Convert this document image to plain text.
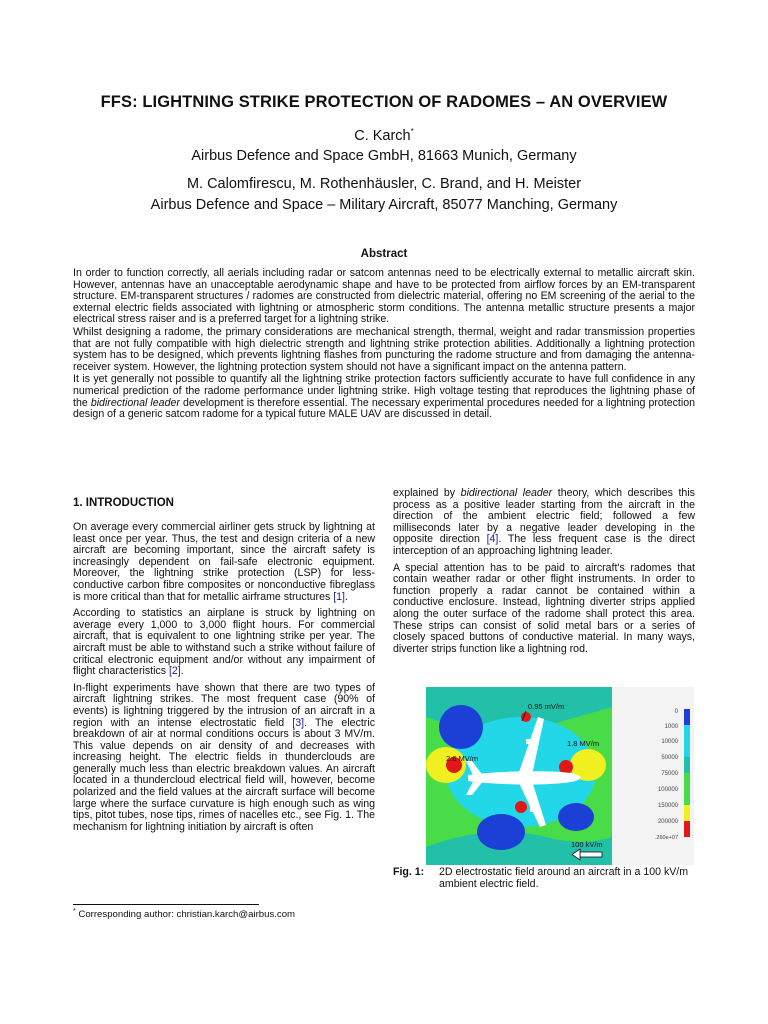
FFS: LIGHTNING STRIKE PROTECTION OF RADOMES – AN OVERVIEW
C. Karch*
Airbus Defence and Space GmbH, 81663 Munich, Germany
M. Calomfirescu, M. Rothenhäusler, C. Brand, and H. Meister
Airbus Defence and Space – Military Aircraft, 85077 Manching, Germany
Abstract

In order to function correctly, all aerials including radar or satcom antennas need to be electrically external to metallic aircraft skin. However, antennas have an unacceptable aerodynamic shape and have to be protected from airflow forces by an EM-transparent structure. EM-transparent structures / radomes are constructed from dielectric material, offering no EM screening of the aerial to the external electric fields associated with lightning or atmospheric storm conditions. The antenna metallic structure presents a major electrical stress raiser and is a preferred target for a lightning strike.

Whilst designing a radome, the primary considerations are mechanical strength, thermal, weight and radar transmission properties that are not fully compatible with high dielectric strength and lightning strike protection abilities. Additionally a lightning protection system has to be designed, which prevents lightning flashes from puncturing the radome structure and from damaging the antenna-receiver system. However, the lightning protection system should not have a significant impact on the antenna pattern.

It is yet generally not possible to quantify all the lightning strike protection factors sufficiently accurate to have full confidence in any numerical prediction of the radome performance under lightning strike. High voltage testing that reproduces the lightning phase of the bidirectional leader development is therefore essential. The necessary experimental procedures needed for a lightning protection design of a generic satcom radome for a typical future MALE UAV are discussed in detail.

1. INTRODUCTION

On average every commercial airliner gets struck by lightning at least once per year. Thus, the test and design criteria of a new aircraft are becoming important, since the aircraft safety is increasingly dependent on fail-safe electronic equipment. Moreover, the lightning strike protection (LSP) for less-conductive carbon fibre composites or nonconductive fibreglass is more critical than that for metallic airframe structures [1].

According to statistics an airplane is struck by lightning on average every 1,000 to 3,000 flight hours. For commercial aircraft, that is equivalent to one lightning strike per year. The aircraft must be able to withstand such a strike without failure of critical electronic equipment and/or without any impairment of flight characteristics [2].

In-flight experiments have shown that there are two types of aircraft lightning strikes. The most frequent case (90% of events) is lightning triggered by the intrusion of an aircraft in a region with an intense electrostatic field [3]. The electric breakdown of air at normal conditions occurs is about 3 MV/m. This value depends on air density of and decreases with increasing height. The electric fields in thunderclouds are generally much less than electric breakdown values. An aircraft located in a thundercloud electrical field will, however, become polarized and the field values at the aircraft surface will become large where the surface curvature is high enough such as wing tips, pitot tubes, nose tips, rimes of nacelles etc., see Fig. 1. The mechanism for lightning initiation by aircraft is often

explained by bidirectional leader theory, which describes this process as a positive leader starting from the aircraft in the direction of the ambient electric field; followed a few milliseconds later by a negative leader developing in the opposite direction [4]. The less frequent case is the direct interception of an approaching lightning leader.

A special attention has to be paid to aircraft's radomes that contain weather radar or other flight instruments. In order to function properly a radar cannot be contained within a conductive enclosure. Instead, lightning diverter strips applied along the outer surface of the radome shall protect this area. These strips can consist of solid metal bars or a series of closely spaced buttons of conductive material. In many ways, diverter strips function like a lightning rod.

0.95 mV/m
2.6 MV/m
1.8 MV/m
100 kV/m
0
1000
10000
50000
75000
100000
150000
200000
.260e+07
Fig. 1: 2D electrostatic field around an aircraft in a 100 kV/m ambient electric field.
* Corresponding author: christian.karch@airbus.com
